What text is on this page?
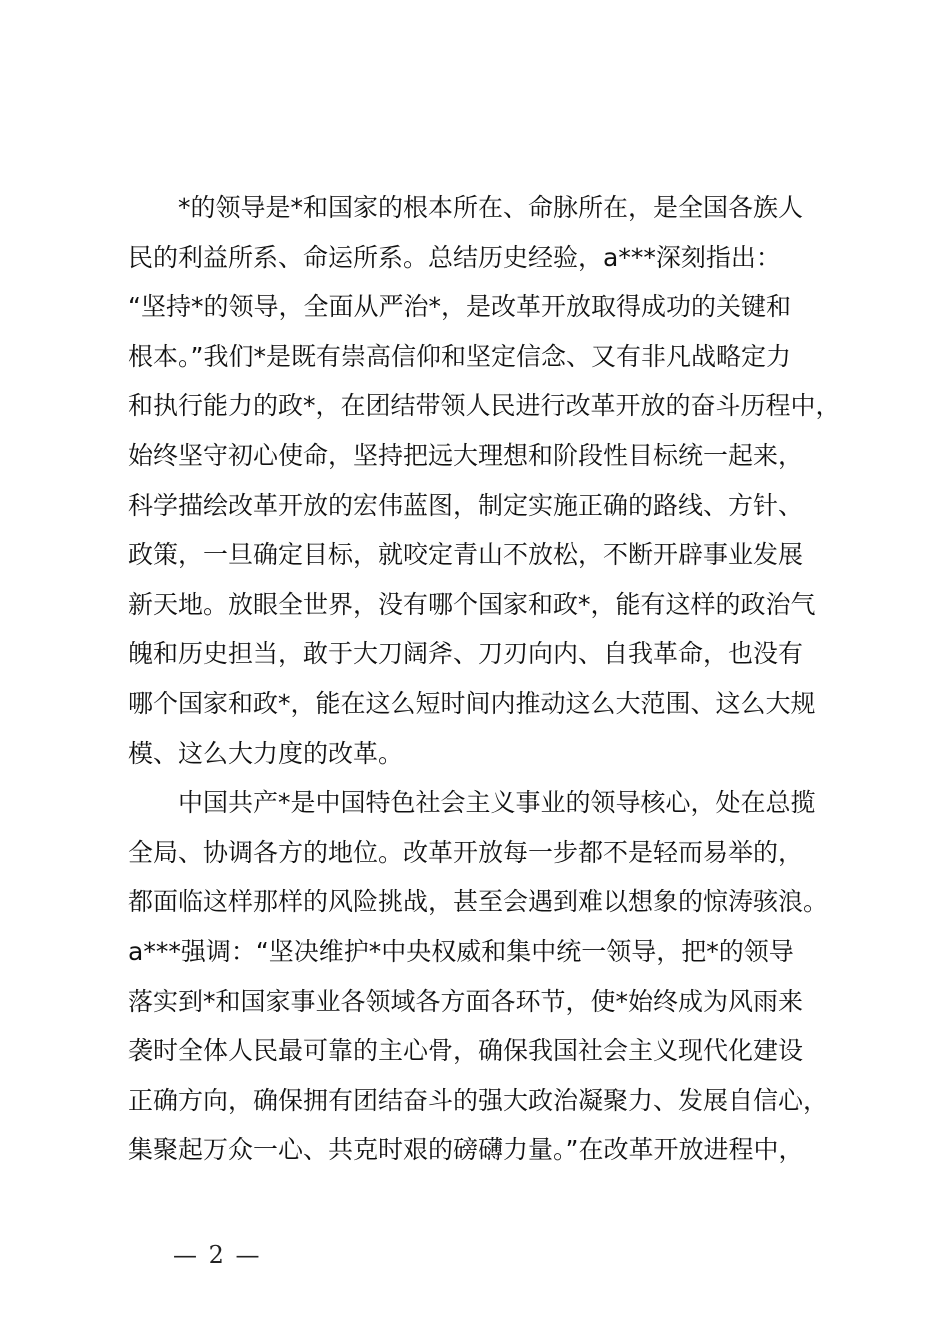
*的领导是*和国家的根本所在、命脉所在，是全国各族人
民的利益所系、命运所系。总结历史经验，a***深刻指出：
“坚持*的领导，全面从严治*，是改革开放取得成功的关键和
根本。”我们*是既有崇高信仰和坚定信念、又有非凡战略定力
和执行能力的政*，在团结带领人民进行改革开放的奋斗历程中，
始终坚守初心使命，坚持把远大理想和阶段性目标统一起来，
科学描绘改革开放的宏伟蓝图，制定实施正确的路线、方针、
政策，一旦确定目标，就咬定青山不放松，不断开辟事业发展
新天地。放眼全世界，没有哪个国家和政*，能有这样的政治气
魄和历史担当，敢于大刀阔斧、刀刃向内、自我革命，也没有
哪个国家和政*，能在这么短时间内推动这么大范围、这么大规
模、这么大力度的改革。
中国共产*是中国特色社会主义事业的领导核心，处在总揽
全局、协调各方的地位。改革开放每一步都不是轻而易举的，
都面临这样那样的风险挑战，甚至会遇到难以想象的惊涛骇浪。
a***强调：“坚决维护*中央权威和集中统一领导，把*的领导
落实到*和国家事业各领域各方面各环节，使*始终成为风雨来
袭时全体人民最可靠的主心骨，确保我国社会主义现代化建设
正确方向，确保拥有团结奋斗的强大政治凝聚力、发展自信心，
集聚起万众一心、共克时艰的磅礴力量。”在改革开放进程中，
— 2 —
